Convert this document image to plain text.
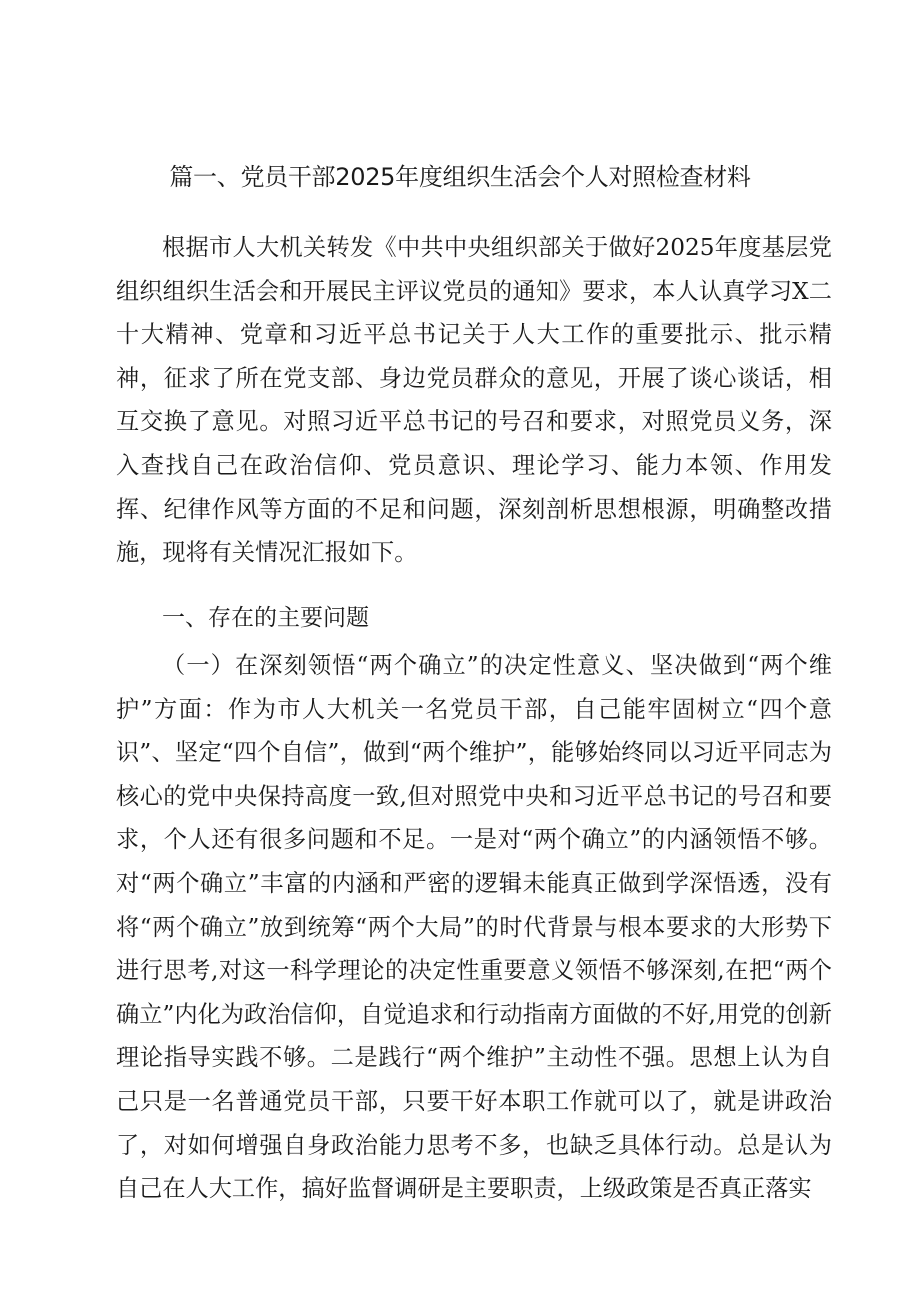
篇一、党员干部2025年度组织生活会个人对照检查材料

根据市人大机关转发《中共中央组织部关于做好2025年度基层党组织组织生活会和开展民主评议党员的通知》要求，本人认真学习X二十大精神、党章和习近平总书记关于人大工作的重要批示、批示精神，征求了所在党支部、身边党员群众的意见，开展了谈心谈话，相互交换了意见。对照习近平总书记的号召和要求，对照党员义务，深入查找自己在政治信仰、党员意识、理论学习、能力本领、作用发挥、纪律作风等方面的不足和问题，深刻剖析思想根源，明确整改措施，现将有关情况汇报如下。

一、存在的主要问题

（一）在深刻领悟“两个确立”的决定性意义、坚决做到“两个维护”方面：作为市人大机关一名党员干部，自己能牢固树立“四个意识”、坚定“四个自信”，做到“两个维护”，能够始终同以习近平同志为核心的党中央保持高度一致,但对照党中央和习近平总书记的号召和要求，个人还有很多问题和不足。一是对“两个确立”的内涵领悟不够。对“两个确立”丰富的内涵和严密的逻辑未能真正做到学深悟透，没有将“两个确立”放到统筹“两个大局”的时代背景与根本要求的大形势下进行思考,对这一科学理论的决定性重要意义领悟不够深刻,在把“两个确立”内化为政治信仰，自觉追求和行动指南方面做的不好,用党的创新理论指导实践不够。二是践行“两个维护”主动性不强。思想上认为自己只是一名普通党员干部，只要干好本职工作就可以了，就是讲政治了，对如何增强自身政治能力思考不多，也缺乏具体行动。总是认为自己在人大工作，搞好监督调研是主要职责，上级政策是否真正落实
